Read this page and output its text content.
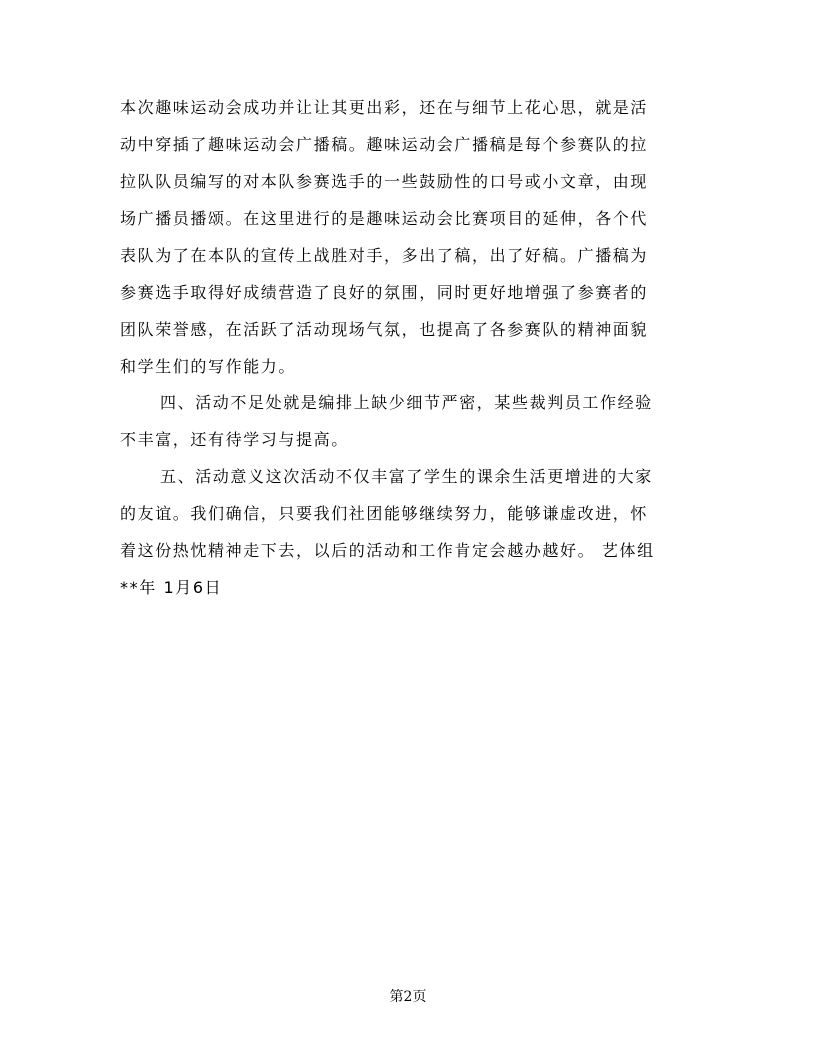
本次趣味运动会成功并让让其更出彩，还在与细节上花心思，就是活
动中穿插了趣味运动会广播稿。趣味运动会广播稿是每个参赛队的拉
拉队队员编写的对本队参赛选手的一些鼓励性的口号或小文章，由现
场广播员播颂。在这里进行的是趣味运动会比赛项目的延伸，各个代
表队为了在本队的宣传上战胜对手，多出了稿，出了好稿。广播稿为
参赛选手取得好成绩营造了良好的氛围，同时更好地增强了参赛者的
团队荣誉感，在活跃了活动现场气氛，也提高了各参赛队的精神面貌
和学生们的写作能力。
四、活动不足处就是编排上缺少细节严密，某些裁判员工作经验
不丰富，还有待学习与提高。
五、活动意义这次活动不仅丰富了学生的课余生活更增进的大家
的友谊。我们确信，只要我们社团能够继续努力，能够谦虚改进，怀
着这份热忱精神走下去，以后的活动和工作肯定会越办越好。 艺体组
**年 1月6日
第2页
